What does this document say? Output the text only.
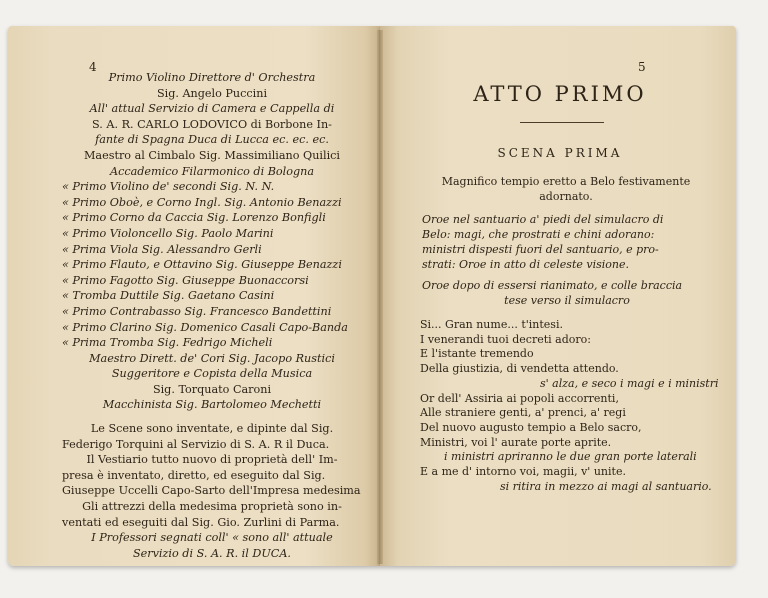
4
Primo Violino Direttore d' Orchestra
Sig. Angelo Puccini
All' attual Servizio di Camera e Cappella di
S. A. R. CARLO LODOVICO di Borbone In-
fante di Spagna Duca di Lucca ec. ec. ec.
Maestro al Cimbalo Sig. Massimiliano Quilici
Accademico Filarmonico di Bologna
« Primo Violino de' secondi Sig. N. N.
« Primo Oboè, e Corno Ingl. Sig. Antonio Benazzi
« Primo Corno da Caccia Sig. Lorenzo Bonfigli
« Primo Violoncello Sig. Paolo Marini
« Prima Viola Sig. Alessandro Gerli
« Primo Flauto, e Ottavino Sig. Giuseppe Benazzi
« Primo Fagotto Sig. Giuseppe Buonaccorsi
« Tromba Duttile Sig. Gaetano Casini
« Primo Contrabasso Sig. Francesco Bandettini
« Primo Clarino Sig. Domenico Casali Capo-Banda
« Prima Tromba Sig. Fedrigo Micheli
Maestro Dirett. de' Cori Sig. Jacopo Rustici
Suggeritore e Copista della Musica
Sig. Torquato Caroni
Macchinista Sig. Bartolomeo Mechetti
Le Scene sono inventate, e dipinte dal Sig.
Federigo Torquini al Servizio di S. A. R il Duca.
Il Vestiario tutto nuovo di proprietà dell' Im-
presa è inventato, diretto, ed eseguito dal Sig.
Giuseppe Uccelli Capo-Sarto dell'Impresa medesima
Gli attrezzi della medesima proprietà sono in-
ventati ed eseguiti dal Sig. Gio. Zurlini di Parma.
I Professori segnati coll' « sono all' attuale
Servizio di S. A. R. il DUCA.
5
ATTO PRIMO
SCENA PRIMA
Magnifico tempio eretto a Belo festivamente
adornato.
Oroe nel santuario a' piedi del simulacro di
Belo: magi, che prostrati e chini adorano:
ministri dispesti fuori del santuario, e pro-
strati: Oroe in atto di celeste visione.
Oroe dopo di essersi rianimato, e colle braccia
tese verso il simulacro
Si... Gran nume... t'intesi.
I venerandi tuoi decreti adoro:
E l'istante tremendo
Della giustizia, di vendetta attendo.
s' alza, e seco i magi e i ministri
Or dell' Assiria ai popoli accorrenti,
Alle straniere genti, a' prenci, a' regi
Del nuovo augusto tempio a Belo sacro,
Ministri, voi l' aurate porte aprite.
i ministri apriranno le due gran porte laterali
E a me d' intorno voi, magii, v' unite.
si ritira in mezzo ai magi al santuario.
